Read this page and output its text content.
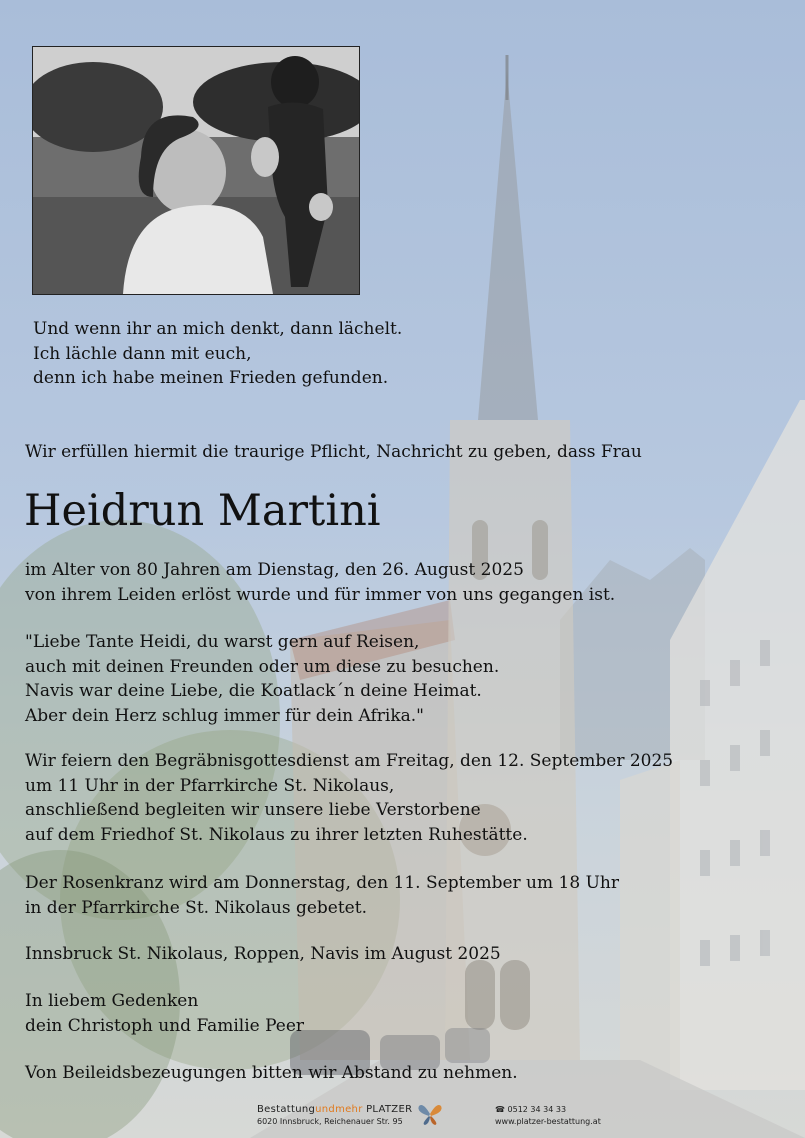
Und wenn ihr an mich denkt, dann lächelt.
Ich lächle dann mit euch,
denn ich habe meinen Frieden gefunden.
Wir erfüllen hiermit die traurige Pflicht, Nachricht zu geben, dass Frau
Heidrun Martini
im Alter von 80 Jahren am Dienstag, den 26. August 2025
von ihrem Leiden erlöst wurde und für immer von uns gegangen ist.
"Liebe Tante Heidi, du warst gern auf Reisen,
auch mit deinen Freunden oder um diese zu besuchen.
Navis war deine Liebe, die Koatlack´n deine Heimat.
Aber dein Herz schlug immer für dein Afrika."
Wir feiern den Begräbnisgottesdienst am Freitag, den 12. September 2025
um 11 Uhr in der Pfarrkirche St. Nikolaus,
anschließend begleiten wir unsere liebe Verstorbene
auf dem Friedhof St. Nikolaus zu ihrer letzten Ruhestätte.
Der Rosenkranz wird am Donnerstag, den 11. September um 18 Uhr
in der Pfarrkirche St. Nikolaus gebetet.
Innsbruck St. Nikolaus, Roppen, Navis im August 2025
In liebem Gedenken
dein Christoph und Familie Peer
Von Beileidsbezeugungen bitten wir Abstand zu nehmen.
Bestattungundmehr PLATZER
6020 Innsbruck, Reichenauer Str. 95
☎ 0512 34 34 33
www.platzer-bestattung.at
